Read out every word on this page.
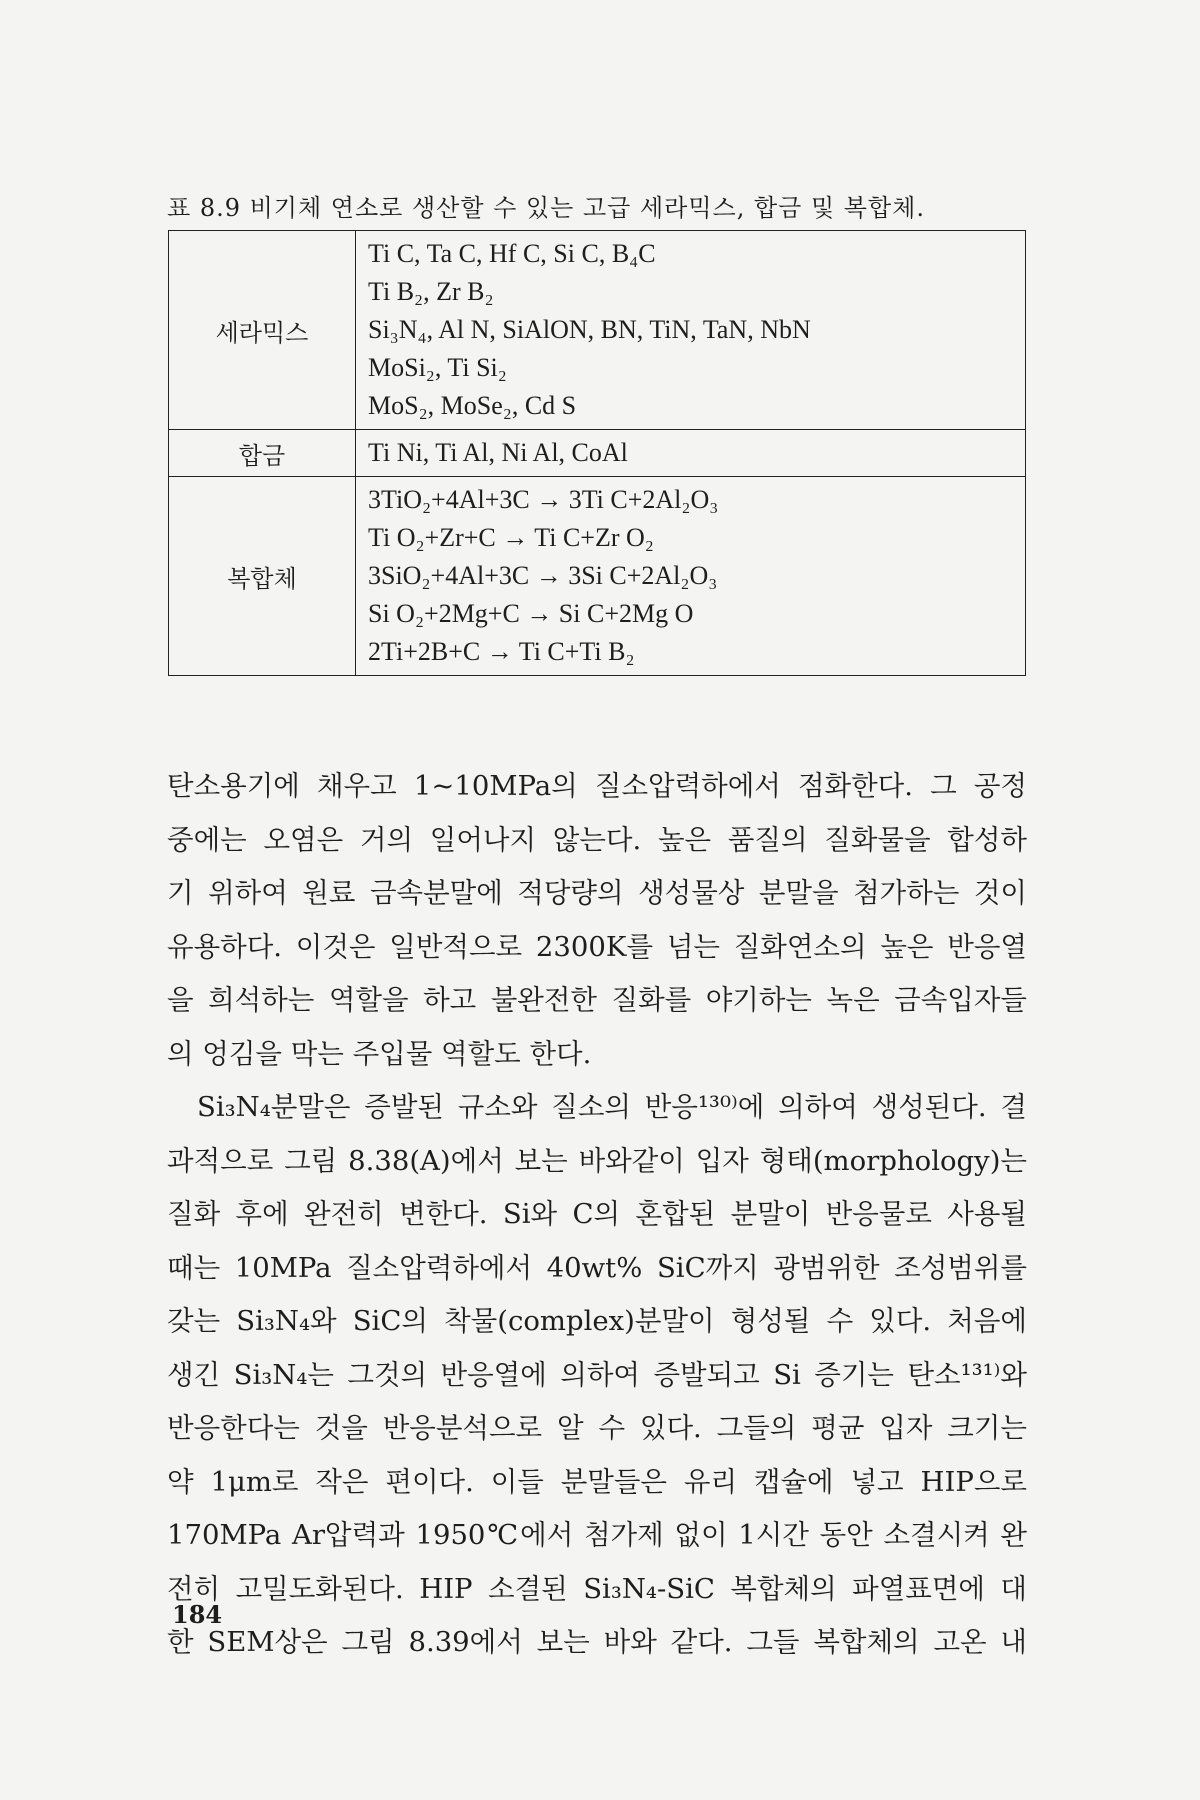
표 8.9 비기체 연소로 생산할 수 있는 고급 세라믹스, 합금 및 복합체.
세라믹스	Ti C, Ta C, Hf C, Si C, B₄C
Ti B₂, Zr B₂
Si₃N₄, Al N, SiAlON, BN, TiN, TaN, NbN
MoSi₂, Ti Si₂
MoS₂, MoSe₂, Cd S

합금	Ti Ni, Ti Al, Ni Al, CoAl

복합체	3TiO₂+4Al+3C → 3Ti C+2Al₂O₃
Ti O₂+Zr+C → Ti C+Zr O₂
3SiO₂+4Al+3C → 3Si C+2Al₂O₃
Si O₂+2Mg+C → Si C+2Mg O
2Ti+2B+C → Ti C+Ti B₂
탄소용기에 채우고 1~10MPa의 질소압력하에서 점화한다. 그 공정
중에는 오염은 거의 일어나지 않는다. 높은 품질의 질화물을 합성하
기 위하여 원료 금속분말에 적당량의 생성물상 분말을 첨가하는 것이
유용하다. 이것은 일반적으로 2300K를 넘는 질화연소의 높은 반응열
을 희석하는 역할을 하고 불완전한 질화를 야기하는 녹은 금속입자들
의 엉김을 막는 주입물 역할도 한다.
Si₃N₄분말은 증발된 규소와 질소의 반응¹³⁰⁾에 의하여 생성된다. 결
과적으로 그림 8.38(A)에서 보는 바와같이 입자 형태(morphology)는
질화 후에 완전히 변한다. Si와 C의 혼합된 분말이 반응물로 사용될
때는 10MPa 질소압력하에서 40wt% SiC까지 광범위한 조성범위를
갖는 Si₃N₄와 SiC의 착물(complex)분말이 형성될 수 있다. 처음에
생긴 Si₃N₄는 그것의 반응열에 의하여 증발되고 Si 증기는 탄소¹³¹⁾와
반응한다는 것을 반응분석으로 알 수 있다. 그들의 평균 입자 크기는
약 1μm로 작은 편이다. 이들 분말들은 유리 캡슐에 넣고 HIP으로
170MPa Ar압력과 1950℃에서 첨가제 없이 1시간 동안 소결시켜 완
전히 고밀도화된다. HIP 소결된 Si₃N₄-SiC 복합체의 파열표면에 대
한 SEM상은 그림 8.39에서 보는 바와 같다. 그들 복합체의 고온 내
184
